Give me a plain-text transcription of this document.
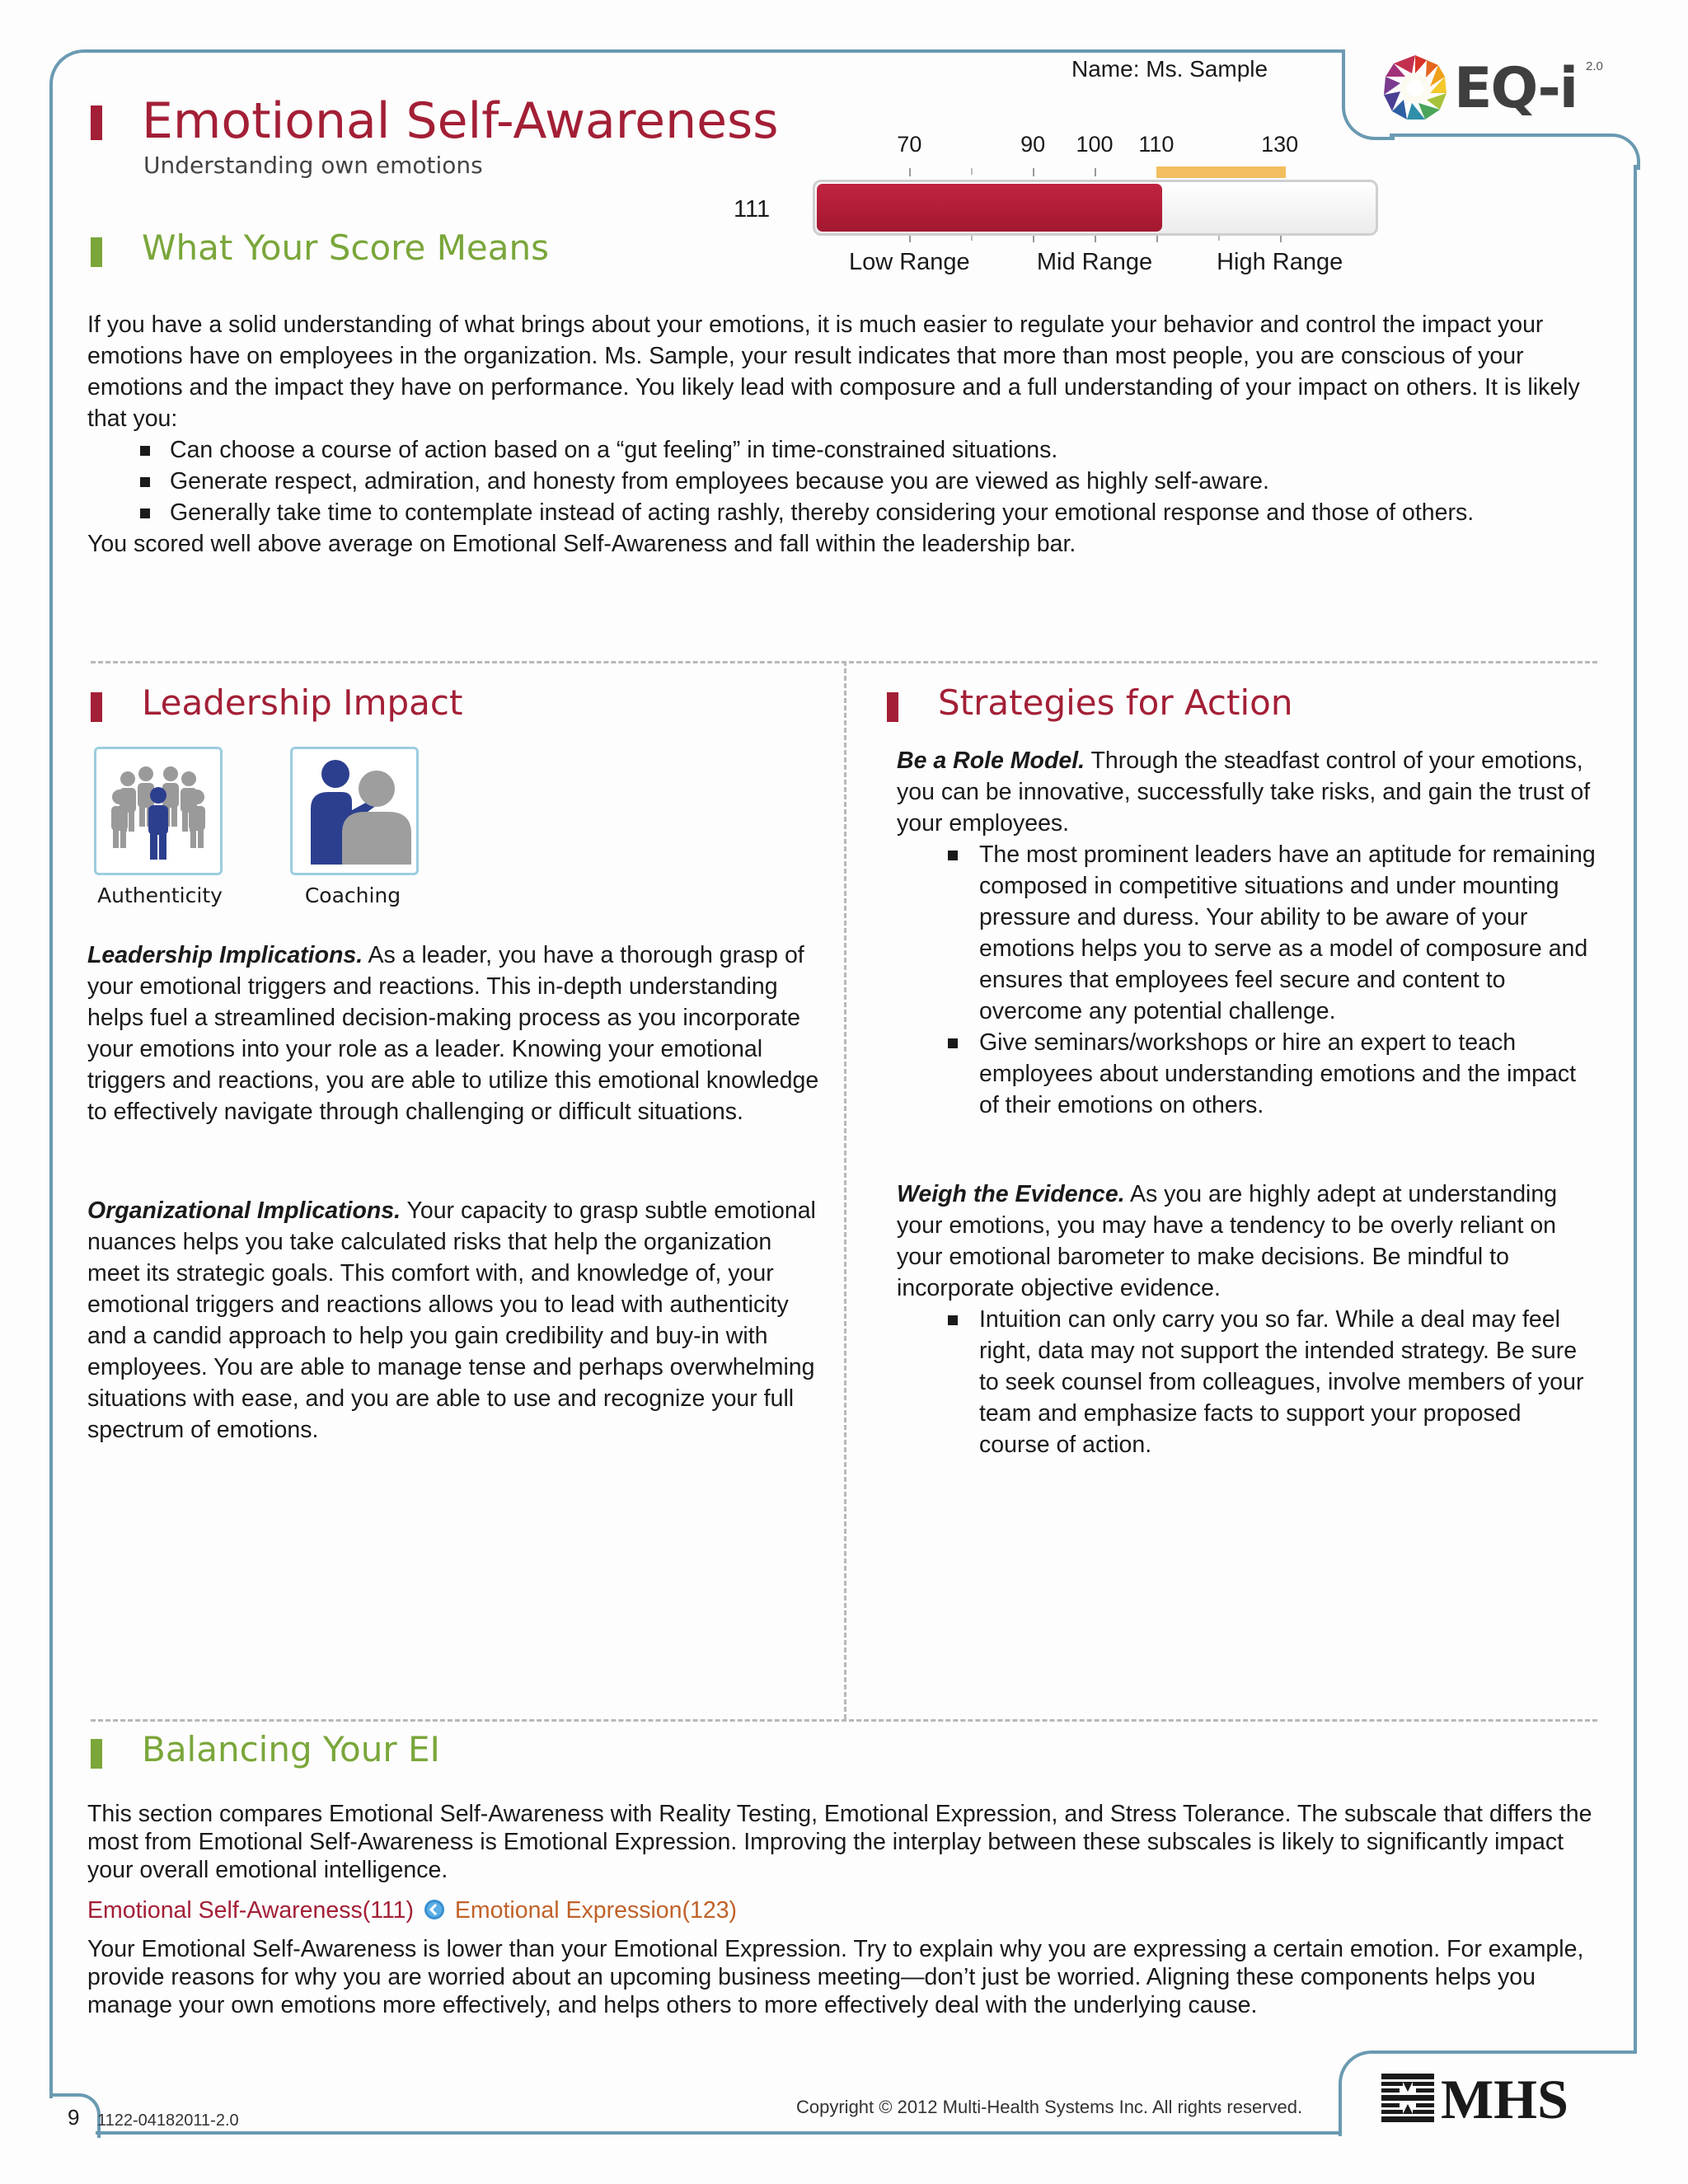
Name: Ms. Sample	EQ-i 2.0
Emotional Self-Awareness
Understanding own emotions
70	90	100	110	130
111
Low Range	Mid Range	High Range
What Your Score Means
If you have a solid understanding of what brings about your emotions, it is much easier to regulate your behavior and control the impact your emotions have on employees in the organization. Ms. Sample, your result indicates that more than most people, you are conscious of your emotions and the impact they have on performance. You likely lead with composure and a full understanding of your impact on others. It is likely that you:
Can choose a course of action based on a “gut feeling” in time-constrained situations.
Generate respect, admiration, and honesty from employees because you are viewed as highly self-aware.
Generally take time to contemplate instead of acting rashly, thereby considering your emotional response and those of others.
You scored well above average on Emotional Self-Awareness and fall within the leadership bar.
Leadership Impact
Authenticity	Coaching
Leadership Implications. As a leader, you have a thorough grasp of your emotional triggers and reactions. This in-depth understanding helps fuel a streamlined decision-making process as you incorporate your emotions into your role as a leader. Knowing your emotional triggers and reactions, you are able to utilize this emotional knowledge to effectively navigate through challenging or difficult situations.
Organizational Implications. Your capacity to grasp subtle emotional nuances helps you take calculated risks that help the organization meet its strategic goals. This comfort with, and knowledge of, your emotional triggers and reactions allows you to lead with authenticity and a candid approach to help you gain credibility and buy-in with employees. You are able to manage tense and perhaps overwhelming situations with ease, and you are able to use and recognize your full spectrum of emotions.
Strategies for Action
Be a Role Model. Through the steadfast control of your emotions, you can be innovative, successfully take risks, and gain the trust of your employees.
The most prominent leaders have an aptitude for remaining composed in competitive situations and under mounting pressure and duress. Your ability to be aware of your emotions helps you to serve as a model of composure and ensures that employees feel secure and content to overcome any potential challenge.
Give seminars/workshops or hire an expert to teach employees about understanding emotions and the impact of their emotions on others.
Weigh the Evidence. As you are highly adept at understanding your emotions, you may have a tendency to be overly reliant on your emotional barometer to make decisions. Be mindful to incorporate objective evidence.
Intuition can only carry you so far. While a deal may feel right, data may not support the intended strategy. Be sure to seek counsel from colleagues, involve members of your team and emphasize facts to support your proposed course of action.
Balancing Your EI
This section compares Emotional Self-Awareness with Reality Testing, Emotional Expression, and Stress Tolerance. The subscale that differs the most from Emotional Self-Awareness is Emotional Expression. Improving the interplay between these subscales is likely to significantly impact your overall emotional intelligence.
Emotional Self-Awareness(111) Emotional Expression(123)
Your Emotional Self-Awareness is lower than your Emotional Expression. Try to explain why you are expressing a certain emotion. For example, provide reasons for why you are worried about an upcoming business meeting—don’t just be worried. Aligning these components helps you manage your own emotions more effectively, and helps others to more effectively deal with the underlying cause.
9 1122-04182011-2.0
Copyright © 2012 Multi-Health Systems Inc. All rights reserved. MHS
